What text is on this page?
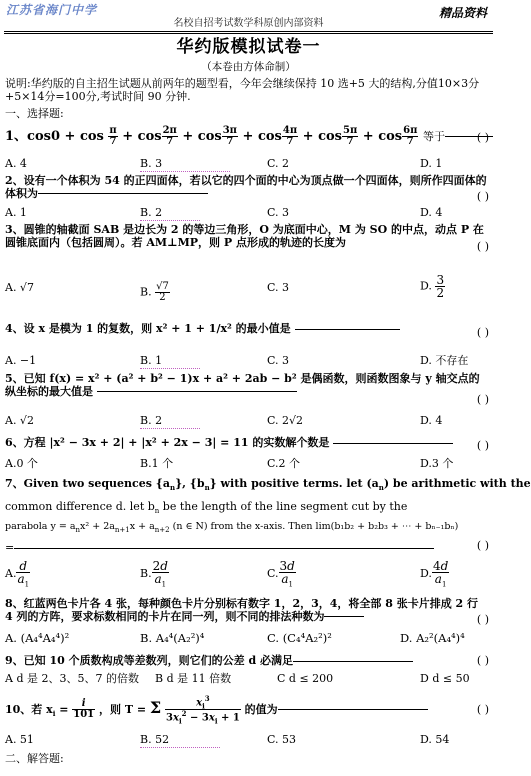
江苏省海门中学
名校自招考试数学科原创内部资料
精品资料
华约版模拟试卷一
（本卷由方体命制）
说明:华约版的自主招生试题从前两年的题型看，今年会继续保持 10 选+5 大的结构,分值10×3分+5×14分=100分,考试时间 90 分钟.
一、选择题:
1、$\cos 0 + \cos \frac{\pi}{7} + \cos \frac{2\pi}{7} + \cos \frac{3\pi}{7} + \cos \frac{4\pi}{7} + \cos \frac{5\pi}{7} + \cos \frac{6\pi}{7}$ 等于	( )
A. 4	B. 3	C. 2	D. 1
2、设有一个体积为 54 的正四面体，若以它的四个面的中心为顶点做一个四面体，则所作四面体的体积为	( )
A. 1	B. 2	C. 3	D. 4
3、圆锥的轴截面 SAB 是边长为 2 的等边三角形，O 为底面中心，M 为 SO 的中点，动点 P 在圆锥底面内（包括圆周）。若 AM⊥MP，则 P 点形成的轨迹的长度为	( )
A. √7	B. $\frac{√7}{2}$	C. 3	D. $\frac{3}{2}$
4、设 x 是模为 1 的复数，则 x² + 1 + 1/x² 的最小值是	( )
A. −1	B. 1	C. 3	D. 不存在
5、已知 f(x) = x² + (a² + b² − 1)x + a² + 2ab − b² 是偶函数，则函数图象与 y 轴交点的纵坐标的最大值是
( )
A. √2	B. 2	C. 2√2	D. 4
6、方程 |x² − 3x + 2| + |x² + 2x − 3| = 11 的实数解个数是	( )
A.0 个	B.1 个	C.2 个	D.3 个
7、Given two sequences $\{a_n\}$, $\{b_n\}$ with positive terms. let $(a_n)$ be arithmetic with the
common difference d. let $b_n$ be the length of the line segment cut by the
parabola $y = a_nx^2 + 2a_{n+1}x + a_{n+2}$ (n ∈ N) from the x-axis. Then lim(b₁b₂ + b₂b₃ + ⋯ + bₙ₋₁bₙ)
=	( )
A. $\frac{d}{a_1}$	B. $\frac{2d}{a_1}$	C. $\frac{3d}{a_1}$	D. $\frac{4d}{a_1}$
8、红蓝两色卡片各 4 张，每种颜色卡片分别标有数字 1，2，3，4，将全部 8 张卡片排成 2 行 4 列的方阵，要求标数相同的卡片在同一列，则不同的排法种数为	( )
A. (A₄⁴A₄⁴)²	B. A₄⁴(A₂²)⁴	C. (C₄⁴A₂²)²	D. A₂²(A₄⁴)⁴
9、已知 10 个质数构成等差数列，则它们的公差 d 必满足	( )
A d 是 2、3、5、7 的倍数 B d 是 11 倍数	C d ≤ 200	D d ≤ 50
10、若 $x_i = \frac{i}{101}$ ，则 T = Σ $\frac{x_i^3}{3x_i^2 - 3x_i + 1}$ 的值为	( )
A. 51	B. 52	C. 53	D. 54
二、解答题:
